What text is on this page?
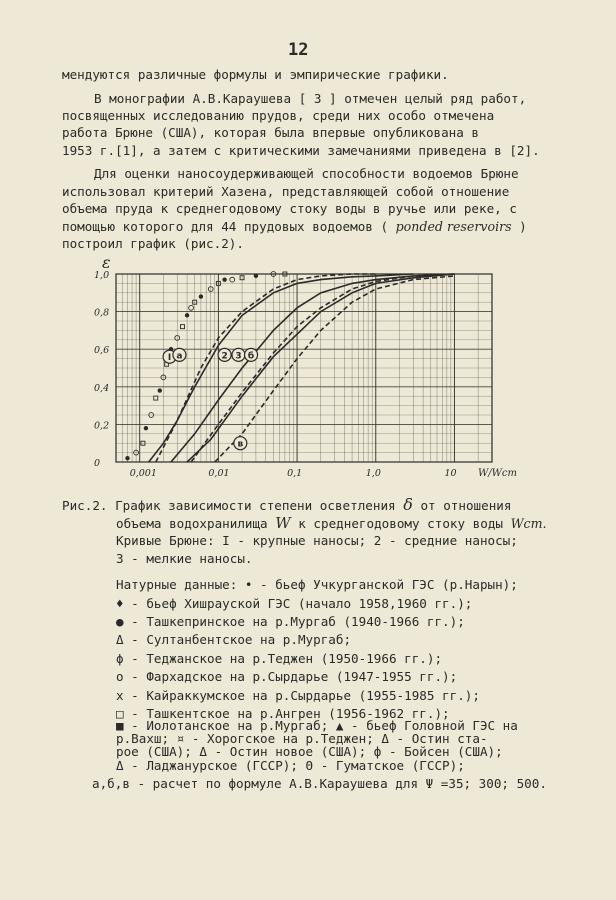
12
мендуются различные формулы и эмпирические графики.
В монографии А.В.Караушева [ 3 ] отмечен целый ряд работ,
посвященных исследованию прудов, среди них особо отмечена
работа Брюне (США), которая была впервые опубликована в
1953 г.[1], а затем с критическими замечаниями приведена в [2].
Для оценки наносоудерживающей способности водоемов Брюне
использовал критерий Хазена, представляющей собой отношение
объема пруда к среднегодовому стоку воды в ручье или реке, с
помощью которого для 44 прудовых водоемов ( ponded reservoirs )
построил график (рис.2).
0
0,2
0,4
0,6
0,8
1,0
0,001	0,01	0,1	1,0	10
ε
W/Wст
I	2 3
а	б
в
Рис.2. График зависимости степени осветления δ от отношения
объема водохранилища W к среднегодовому стоку воды Wст.
Кривые Брюне: I - крупные наносы; 2 - средние наносы;
3 - мелкие наносы.
Натурные данные: • - бьеф Учкурганской ГЭС (р.Нарын);
♦ - бьеф Хишрауской ГЭС (начало 1958,1960 гг.);
● - Ташкепринское на р.Мургаб (1940-1966 гг.);
Δ - Султанбентское на р.Мургаб;
ϕ - Теджанское на р.Теджен (1950-1966 гг.);
о - Фархадское на р.Сырдарье (1947-1955 гг.);
х - Кайраккумское на р.Сырдарье (1955-1985 гг.);
□ - Ташкентское на р.Ангрен (1956-1962 гг.);
■ - Иолотанское на р.Мургаб; ▲ - бьеф Головной ГЭС на
р.Вахш; ¤ - Хорогское на р.Теджен; Δ - Остин ста-
рое (США); Δ - Остин новое (США); ф - Бойсен (США);
Δ - Ладжануpское (ГССР); Θ - Гуматское (ГССР);
а,б,в - расчет по формуле А.В.Караушева для Ψ =35; 300; 500.
